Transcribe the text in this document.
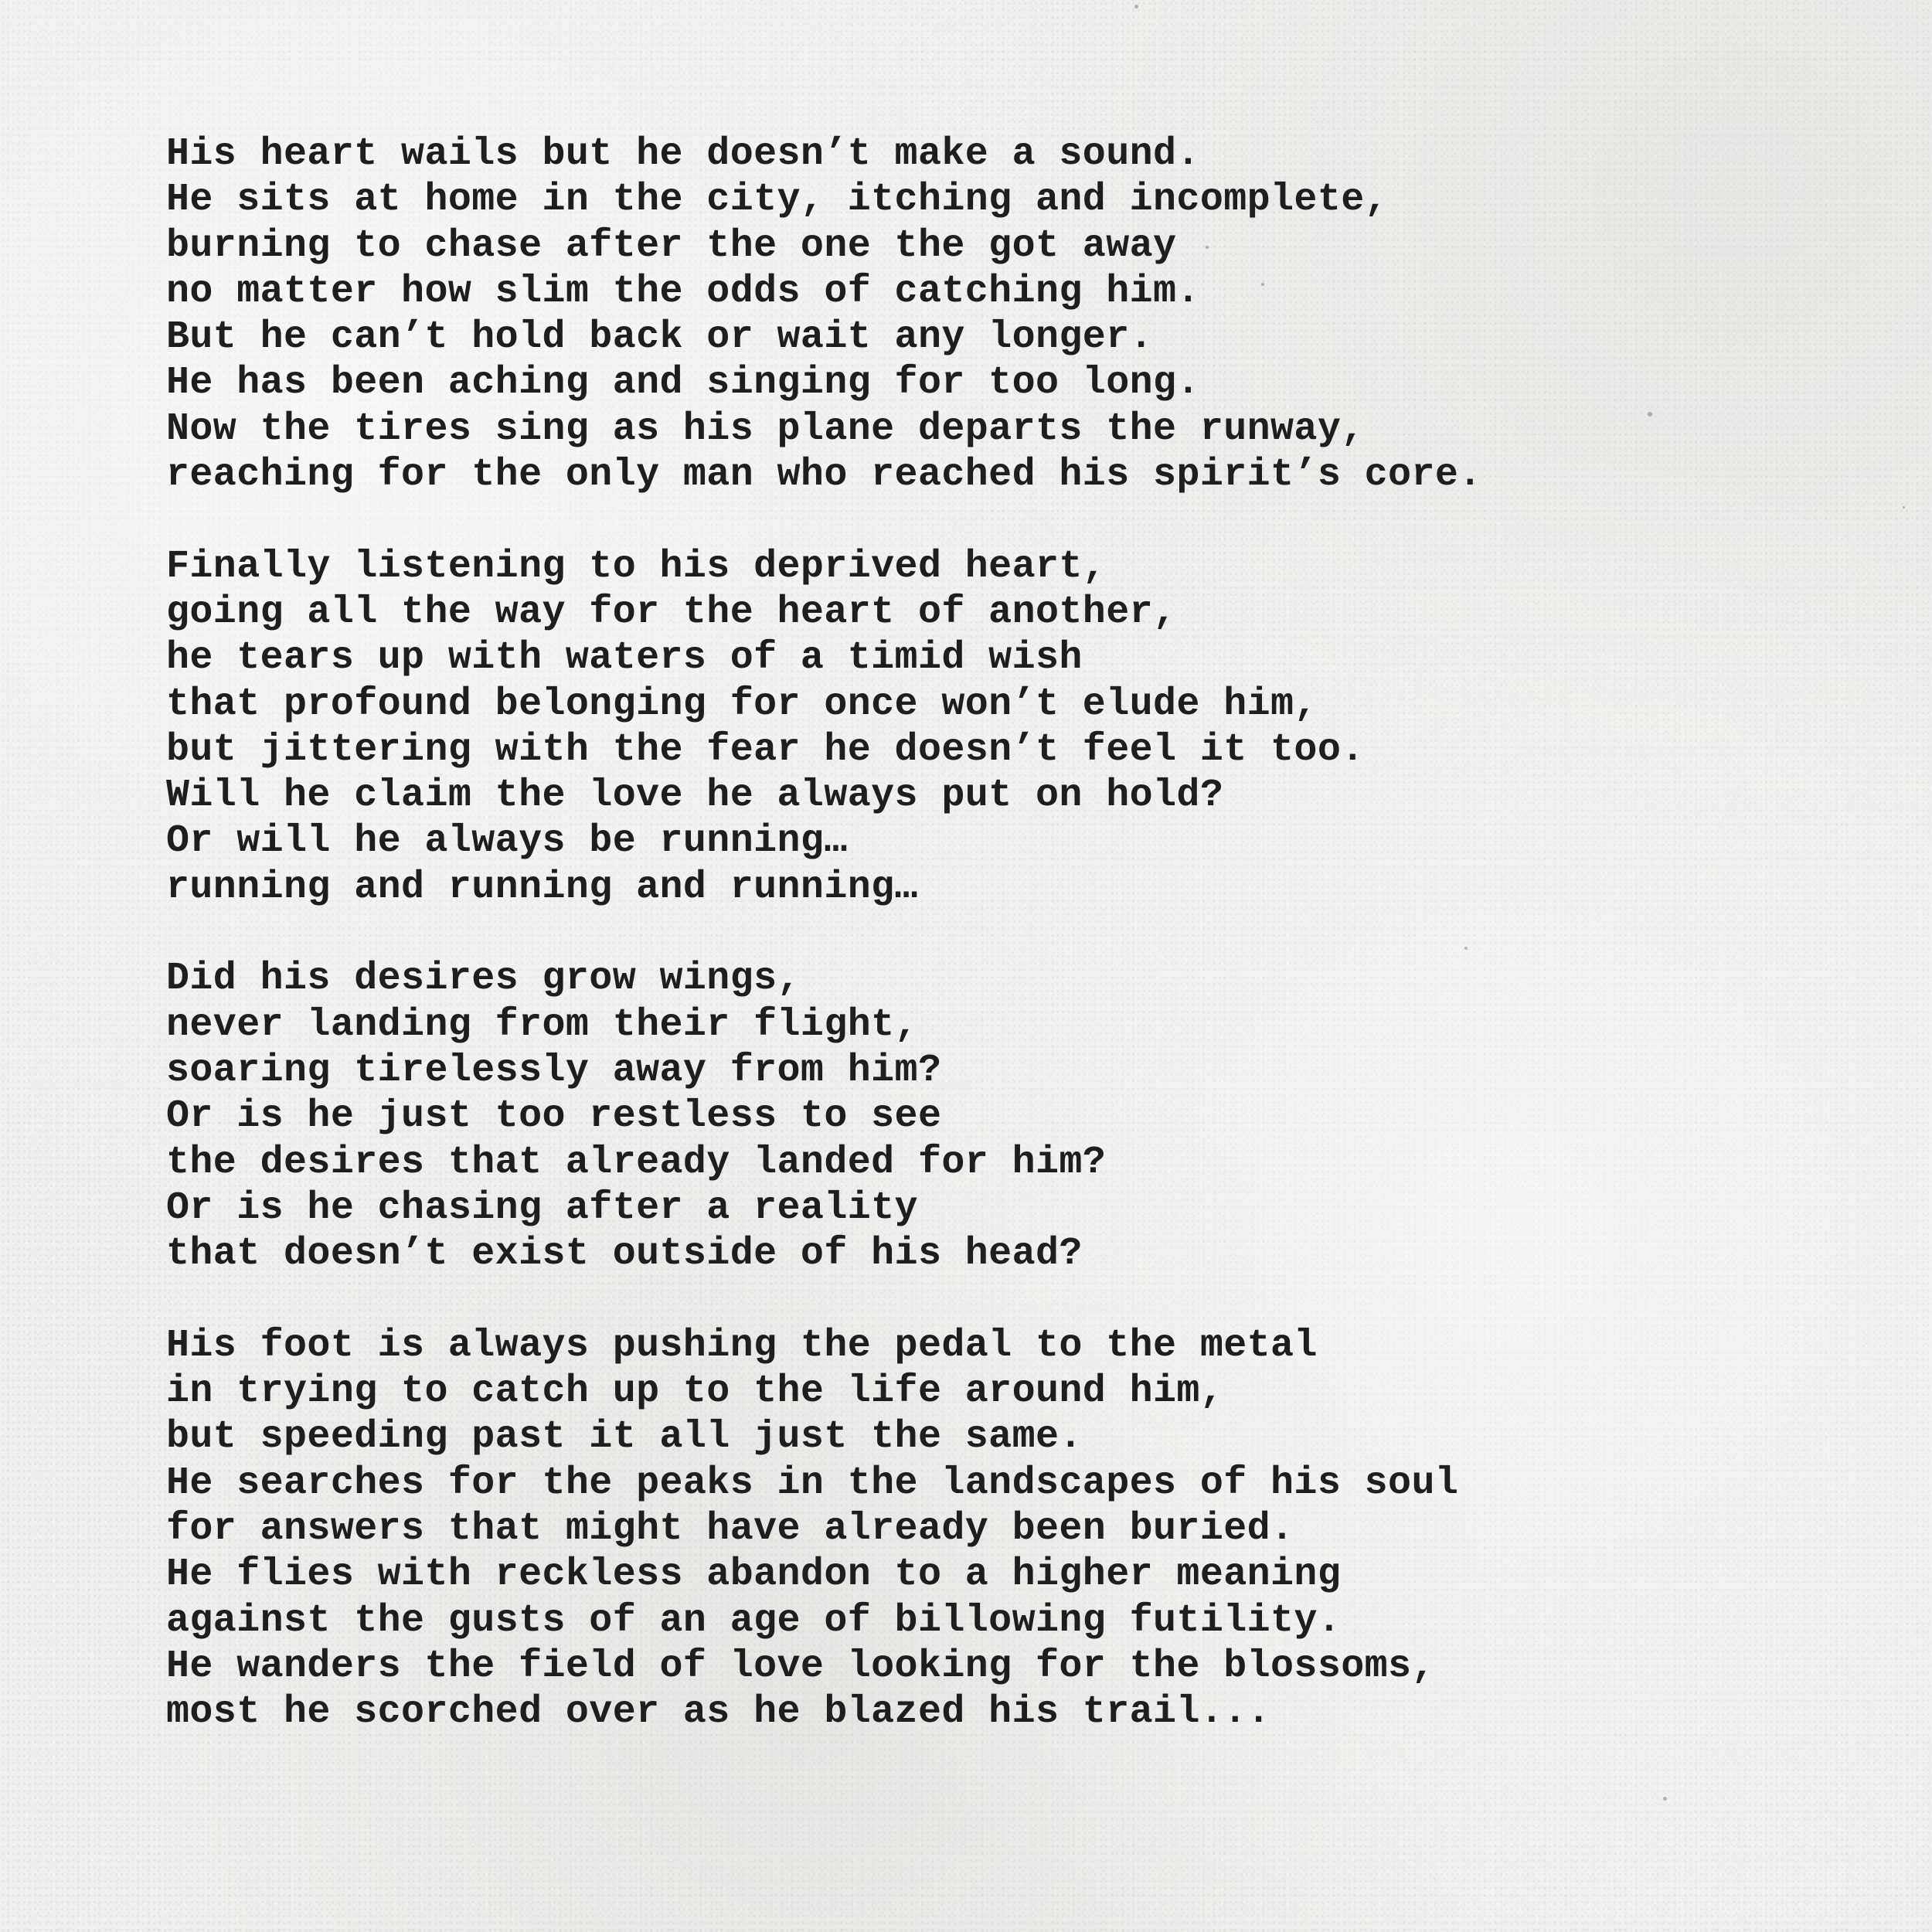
His heart wails but he doesn’t make a sound.
He sits at home in the city, itching and incomplete,
burning to chase after the one the got away
no matter how slim the odds of catching him.
But he can’t hold back or wait any longer.
He has been aching and singing for too long.
Now the tires sing as his plane departs the runway,
reaching for the only man who reached his spirit’s core.

Finally listening to his deprived heart,
going all the way for the heart of another,
he tears up with waters of a timid wish
that profound belonging for once won’t elude him,
but jittering with the fear he doesn’t feel it too.
Will he claim the love he always put on hold?
Or will he always be running…
running and running and running…

Did his desires grow wings,
never landing from their flight,
soaring tirelessly away from him?
Or is he just too restless to see
the desires that already landed for him?
Or is he chasing after a reality
that doesn’t exist outside of his head?

His foot is always pushing the pedal to the metal
in trying to catch up to the life around him,
but speeding past it all just the same.
He searches for the peaks in the landscapes of his soul
for answers that might have already been buried.
He flies with reckless abandon to a higher meaning
against the gusts of an age of billowing futility.
He wanders the field of love looking for the blossoms,
most he scorched over as he blazed his trail...
